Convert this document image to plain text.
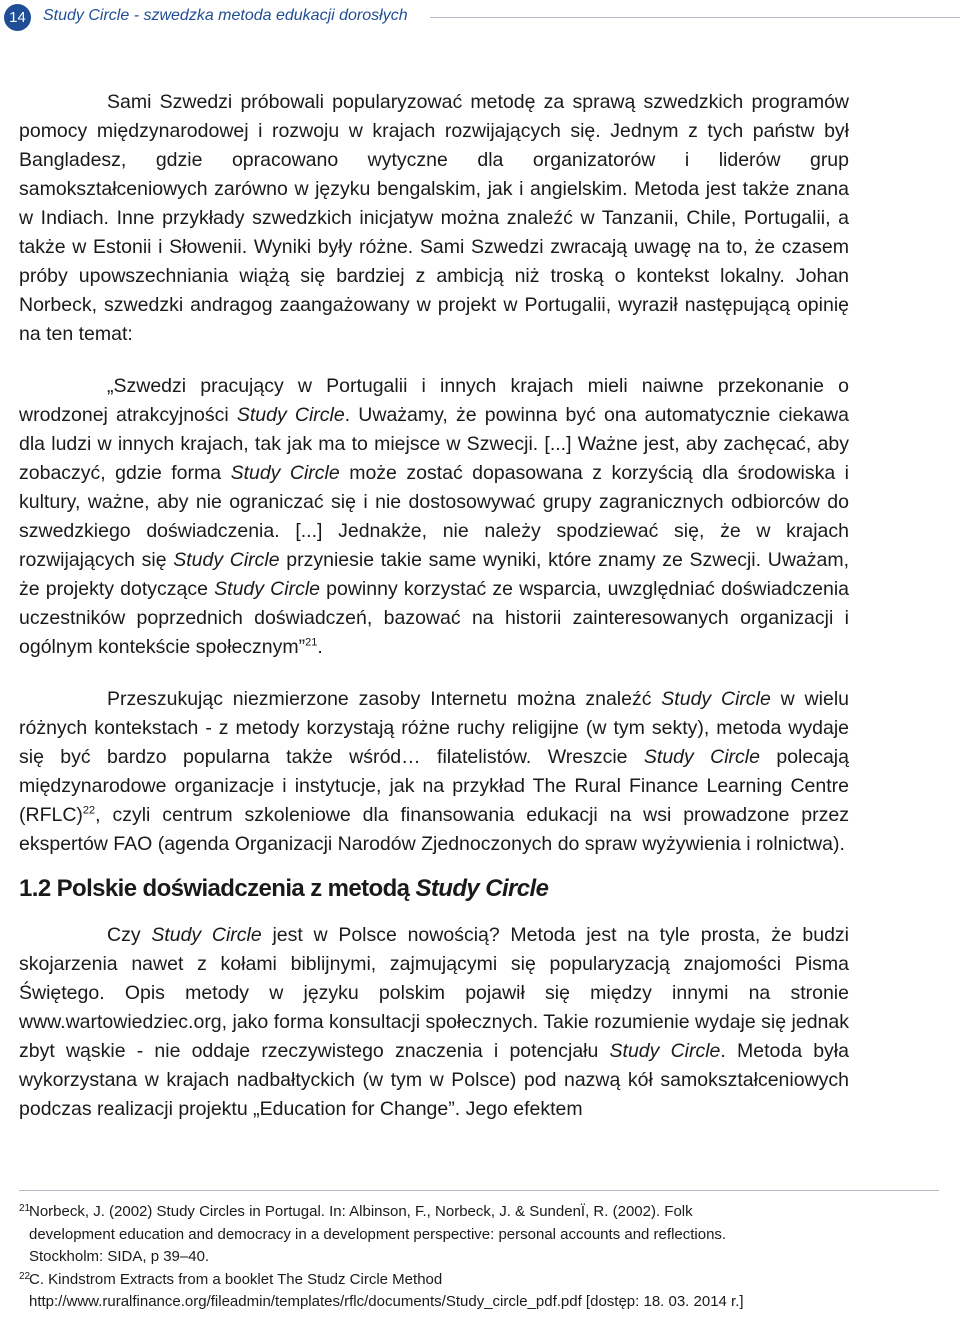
14	Study Circle - szwedzka metoda edukacji dorosłych

Sami Szwedzi próbowali popularyzować metodę za sprawą szwedzkich programów pomocy międzynarodowej i rozwoju w krajach rozwijających się. Jednym z tych państw był Bangladesz, gdzie opracowano wytyczne dla organizatorów i liderów grup samokształceniowych zarówno w języku bengalskim, jak i angielskim. Metoda jest także znana w Indiach. Inne przykłady szwedzkich inicjatyw można znaleźć w Tanzanii, Chile, Portugalii, a także w Estonii i Słowenii. Wyniki były różne. Sami Szwedzi zwracają uwagę na to, że czasem próby upowszechniania wiążą się bardziej z ambicją niż troską o kontekst lokalny. Johan Norbeck, szwedzki andragog zaangażowany w projekt w Portugalii, wyraził następującą opinię na ten temat:

„Szwedzi pracujący w Portugalii i innych krajach mieli naiwne przekonanie o wrodzonej atrakcyjności Study Circle. Uważamy, że powinna być ona automatycznie ciekawa dla ludzi w innych krajach, tak jak ma to miejsce w Szwecji. [...] Ważne jest, aby zachęcać, aby zobaczyć, gdzie forma Study Circle może zostać dopasowana z korzyścią dla środowiska i kultury, ważne, aby nie ograniczać się i nie dostosowywać grupy zagranicznych odbiorców do szwedzkiego doświadczenia. [...] Jednakże, nie należy spodziewać się, że w krajach rozwijających się Study Circle przyniesie takie same wyniki, które znamy ze Szwecji. Uważam, że projekty dotyczące Study Circle powinny korzystać ze wsparcia, uwzględniać doświadczenia uczestników poprzednich doświadczeń, bazować na historii zainteresowanych organizacji i ogólnym kontekście społecznym”$^{21}$.

Przeszukując niezmierzone zasoby Internetu można znaleźć Study Circle w wielu różnych kontekstach - z metody korzystają różne ruchy religijne (w tym sekty), metoda wydaje się być bardzo popularna także wśród… filatelistów. Wreszcie Study Circle polecają międzynarodowe organizacje i instytucje, jak na przykład The Rural Finance Learning Centre (RFLC)$^{22}$, czyli centrum szkoleniowe dla finansowania edukacji na wsi prowadzone przez ekspertów FAO (agenda Organizacji Narodów Zjednoczonych do spraw wyżywienia i rolnictwa).

1.2 Polskie doświadczenia z metodą Study Circle

Czy Study Circle jest w Polsce nowością? Metoda jest na tyle prosta, że budzi skojarzenia nawet z kołami biblijnymi, zajmującymi się popularyzacją znajomości Pisma Świętego. Opis metody w języku polskim pojawił się między innymi na stronie www.wartowiedziec.org, jako forma konsultacji społecznych. Takie rozumienie wydaje się jednak zbyt wąskie - nie oddaje rzeczywistego znaczenia i potencjału Study Circle. Metoda była wykorzystana w krajach nadbałtyckich (w tym w Polsce) pod nazwą kół samokształceniowych podczas realizacji projektu „Education for Change”. Jego efektem

21
Norbeck, J. (2002) Study Circles in Portugal. In: Albinson, F., Norbeck, J. & SundenÏ, R. (2002). Folk
development education and democracy in a development perspective: personal accounts and reflections.
Stockholm: SIDA, p 39–40.
22
C. Kindstrom Extracts from a booklet The Studz Circle Method
http://www.ruralfinance.org/fileadmin/templates/rflc/documents/Study_circle_pdf.pdf [dostęp: 18. 03. 2014 r.]
